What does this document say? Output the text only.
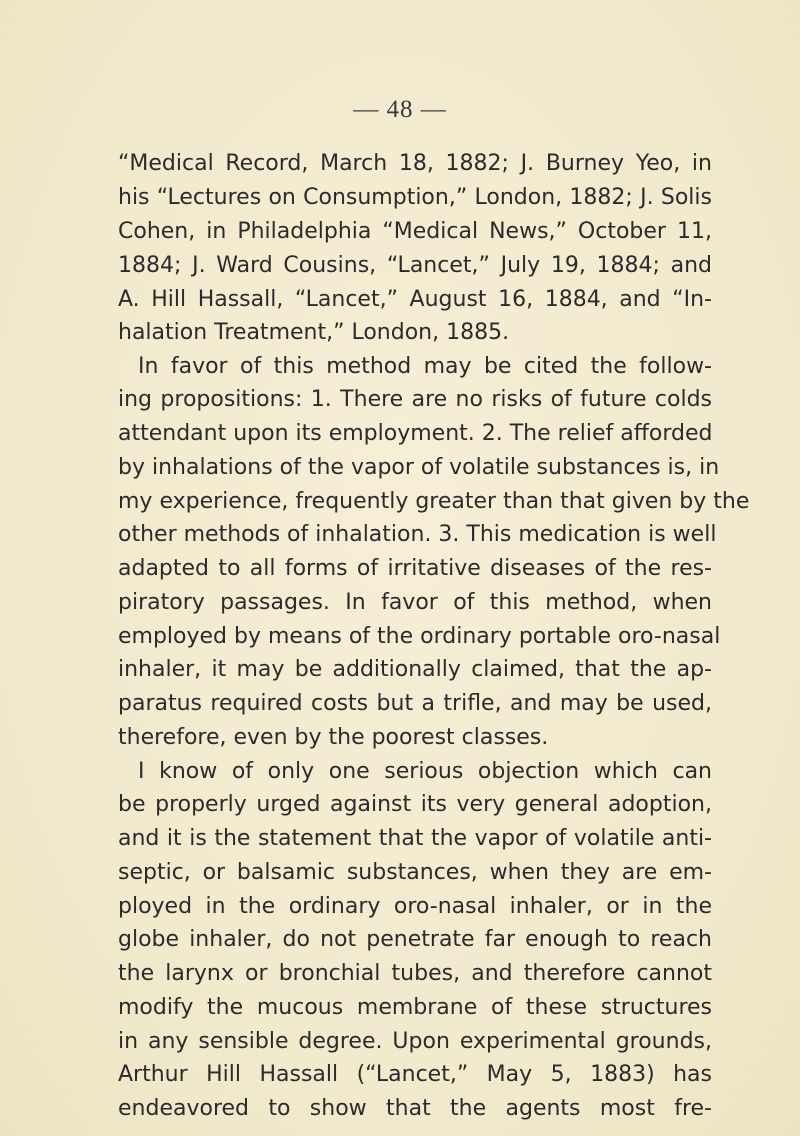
— 48 —
“Medical Record, March 18, 1882; J. Burney Yeo, in
his “Lectures on Consumption,” London, 1882; J. Solis
Cohen, in Philadelphia “Medical News,” October 11,
1884; J. Ward Cousins, “Lancet,” July 19, 1884; and
A. Hill Hassall, “Lancet,” August 16, 1884, and “In-
halation Treatment,” London, 1885.
In favor of this method may be cited the follow-
ing propositions: 1. There are no risks of future colds
attendant upon its employment. 2. The relief afforded
by inhalations of the vapor of volatile substances is, in
my experience, frequently greater than that given by the
other methods of inhalation. 3. This medication is well
adapted to all forms of irritative diseases of the res-
piratory passages. In favor of this method, when
employed by means of the ordinary portable oro-nasal
inhaler, it may be additionally claimed, that the ap-
paratus required costs but a trifle, and may be used,
therefore, even by the poorest classes.
I know of only one serious objection which can
be properly urged against its very general adoption,
and it is the statement that the vapor of volatile anti-
septic, or balsamic substances, when they are em-
ployed in the ordinary oro-nasal inhaler, or in the
globe inhaler, do not penetrate far enough to reach
the larynx or bronchial tubes, and therefore cannot
modify the mucous membrane of these structures
in any sensible degree. Upon experimental grounds,
Arthur Hill Hassall (“Lancet,” May 5, 1883) has
endeavored to show that the agents most fre-
